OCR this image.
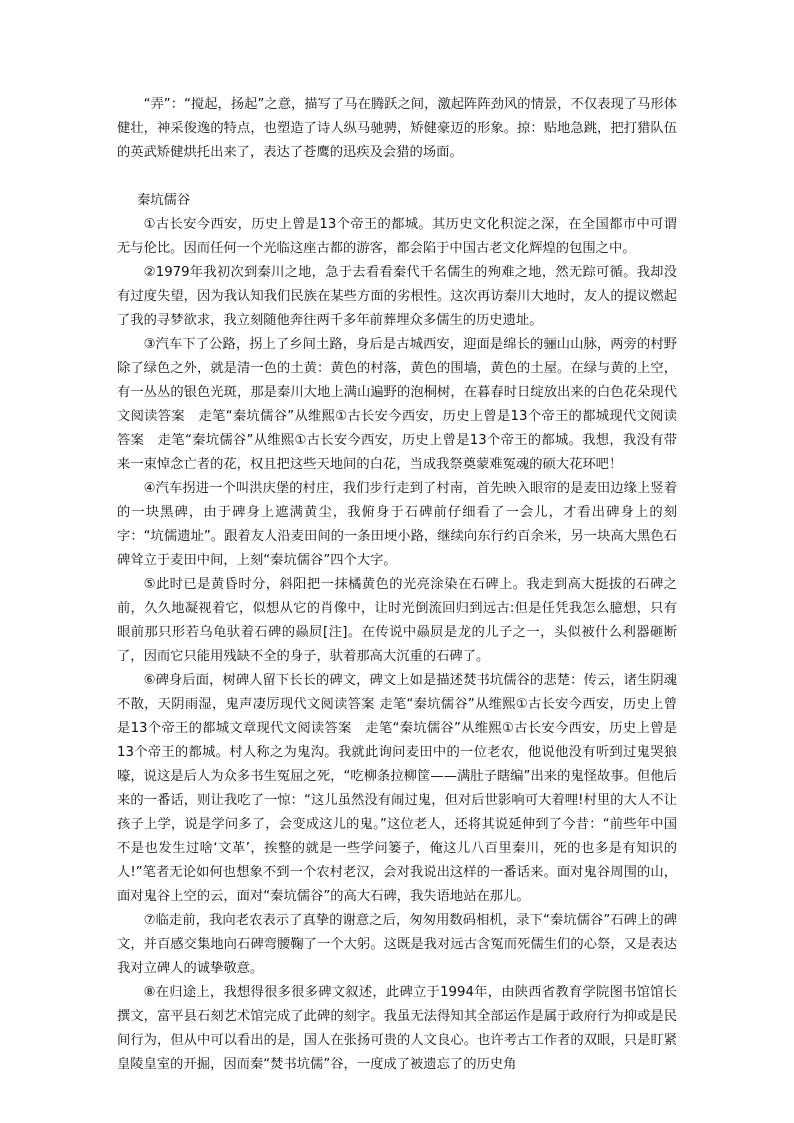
“弄”：“搅起，扬起”之意，描写了马在腾跃之间，激起阵阵劲风的情景，不仅表现了马形体健壮，神采俊逸的特点，也塑造了诗人纵马驰骋，矫健豪迈的形象。掠：贴地急跳，把打猎队伍的英武矫健烘托出来了，表达了苍鹰的迅疾及会猎的场面。

秦坑儒谷

①古长安今西安，历史上曾是13个帝王的都城。其历史文化积淀之深，在全国都市中可谓无与伦比。因而任何一个光临这座古都的游客，都会陷于中国古老文化辉煌的包围之中。

②1979年我初次到秦川之地，急于去看看秦代千名儒生的殉难之地，然无踪可循。我却没有过度失望，因为我认知我们民族在某些方面的劣根性。这次再访秦川大地时，友人的提议燃起了我的寻梦欲求，我立刻随他奔往两千多年前葬埋众多儒生的历史遗址。

③汽车下了公路，拐上了乡间土路，身后是古城西安，迎面是绵长的骊山山脉，两旁的村野除了绿色之外，就是清一色的土黄：黄色的村落，黄色的围墙，黄色的土屋。在绿与黄的上空，有一丛丛的银色光斑，那是秦川大地上满山遍野的泡桐树，在暮春时日绽放出来的白色花朵现代文阅读答案　走笔“秦坑儒谷”从维熙①古长安今西安，历史上曾是13个帝王的都城现代文阅读答案　走笔“秦坑儒谷”从维熙①古长安今西安，历史上曾是13个帝王的都城。我想，我没有带来一束悼念亡者的花，权且把这些天地间的白花，当成我祭奠蒙难冤魂的硕大花环吧！

④汽车拐进一个叫洪庆堡的村庄，我们步行走到了村南，首先映入眼帘的是麦田边缘上竖着的一块黑碑，由于碑身上遮满黄尘，我俯身于石碑前仔细看了一会儿，才看出碑身上的刻字：“坑儒遗址”。跟着友人沿麦田间的一条田埂小路，继续向东行约百余米，另一块高大黑色石碑耸立于麦田中间，上刻“秦坑儒谷”四个大字。

⑤此时已是黄昏时分，斜阳把一抹橘黄色的光亮涂染在石碑上。我走到高大挺拔的石碑之前，久久地凝视着它，似想从它的肖像中，让时光倒流回归到远古:但是任凭我怎么臆想，只有眼前那只形若乌龟驮着石碑的赑屃[注]。在传说中赑屃是龙的儿子之一，头似被什么利器砸断了，因而它只能用残缺不全的身子，驮着那高大沉重的石碑了。

⑥碑身后面，树碑人留下长长的碑文，碑文上如是描述焚书坑儒谷的悲楚：传云，诸生阴魂不散，天阴雨湿，鬼声凄厉现代文阅读答案 走笔“秦坑儒谷”从维熙①古长安今西安，历史上曾是13个帝王的都城文章现代文阅读答案　走笔“秦坑儒谷”从维熙①古长安今西安，历史上曾是13个帝王的都城。村人称之为鬼沟。我就此询问麦田中的一位老农，他说他没有听到过鬼哭狼嚎，说这是后人为众多书生冤屈之死，“吃柳条拉柳筐——满肚子瞎编”出来的鬼怪故事。但他后来的一番话，则让我吃了一惊：“这儿虽然没有闹过鬼，但对后世影响可大着哩!村里的大人不让孩子上学，说是学问多了，会变成这儿的鬼。”这位老人，还将其说延伸到了今昔：“前些年中国不是也发生过啥‘文革’，挨整的就是一些学问篓子，俺这儿八百里秦川，死的也多是有知识的人!”笔者无论如何也想象不到一个农村老汉，会对我说出这样的一番话来。面对鬼谷周围的山，面对鬼谷上空的云，面对“秦坑儒谷”的高大石碑，我失语地站在那儿。

⑦临走前，我向老农表示了真挚的谢意之后，匆匆用数码相机，录下“秦坑儒谷”石碑上的碑文，并百感交集地向石碑弯腰鞠了一个大躬。这既是我对远古含冤而死儒生们的心祭，又是表达我对立碑人的诚挚敬意。

⑧在归途上，我想得很多很多碑文叙述，此碑立于1994年，由陕西省教育学院图书馆馆长撰文，富平县石刻艺术馆完成了此碑的刻字。我虽无法得知其全部运作是属于政府行为抑或是民间行为，但从中可以看出的是，国人在张扬可贵的人文良心。也许考古工作者的双眼，只是盯紧皇陵皇室的开掘，因而秦“焚书坑儒”谷，一度成了被遗忘了的历史角
